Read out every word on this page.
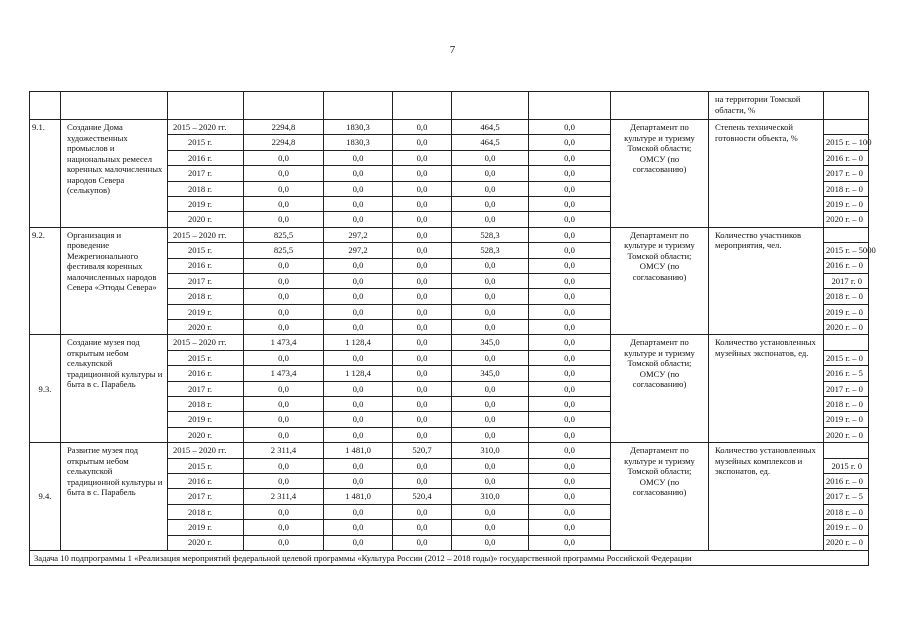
7
									на территории Томской области, %	
9.1.	Создание Дома художественных промыслов и национальных ремесел коренных малочисленных народов Севера (селькупов)	2015 – 2020 гг.	2294,8	1830,3	0,0	464,5	0,0	Департамент по культуре и туризму Томской области; ОМСУ (по согласованию)	Степень технической готовности объекта, %	
		2015 г.	2294,8	1830,3	0,0	464,5	0,0			2015 г. – 100
		2016 г.	0,0	0,0	0,0	0,0	0,0			2016 г. – 0
		2017 г.	0,0	0,0	0,0	0,0	0,0			2017 г. – 0
		2018 г.	0,0	0,0	0,0	0,0	0,0			2018 г. – 0
		2019 г.	0,0	0,0	0,0	0,0	0,0			2019 г. – 0
		2020 г.	0,0	0,0	0,0	0,0	0,0			2020 г. – 0
9.2.	Организация и проведение Межрегионального фестиваля коренных малочисленных народов Севера «Этюды Севера»	2015 – 2020 гг.	825,5	297,2	0,0	528,3	0,0	Департамент по культуре и туризму Томской области; ОМСУ (по согласованию)	Количество участников мероприятия, чел.	
		2015 г.	825,5	297,2	0,0	528,3	0,0			2015 г. – 5000
		2016 г.	0,0	0,0	0,0	0,0	0,0			2016 г. – 0
		2017 г.	0,0	0,0	0,0	0,0	0,0			2017 г. 0
		2018 г.	0,0	0,0	0,0	0,0	0,0			2018 г. – 0
		2019 г.	0,0	0,0	0,0	0,0	0,0			2019 г. – 0
		2020 г.	0,0	0,0	0,0	0,0	0,0			2020 г. – 0
9.3.	Создание музея под открытым небом селькупской традиционной культуры и быта в с. Парабель	2015 – 2020 гг.	1 473,4	1 128,4	0,0	345,0	0,0	Департамент по культуре и туризму Томской области; ОМСУ (по согласованию)	Количество установленных музейных экспонатов, ед.	
		2015 г.	0,0	0,0	0,0	0,0	0,0			2015 г. – 0
		2016 г.	1 473,4	1 128,4	0,0	345,0	0,0			2016 г. – 5
		2017 г.	0,0	0,0	0,0	0,0	0,0			2017 г. – 0
		2018 г.	0,0	0,0	0,0	0,0	0,0			2018 г. – 0
		2019 г.	0,0	0,0	0,0	0,0	0,0			2019 г. – 0
		2020 г.	0,0	0,0	0,0	0,0	0,0			2020 г. – 0
9.4.	Развитие музея под открытым небом селькупской традиционной культуры и быта в с. Парабель	2015 – 2020 гг.	2 311,4	1 481,0	520,7	310,0	0,0	Департамент по культуре и туризму Томской области; ОМСУ (по согласованию)	Количество установленных музейных комплексов и экспонатов, ед.	
		2015 г.	0,0	0,0	0,0	0,0	0,0			2015 г. 0
		2016 г.	0,0	0,0	0,0	0,0	0,0			2016 г. – 0
		2017 г.	2 311,4	1 481,0	520,4	310,0	0,0			2017 г. – 5
		2018 г.	0,0	0,0	0,0	0,0	0,0			2018 г. – 0
		2019 г.	0,0	0,0	0,0	0,0	0,0			2019 г. – 0
		2020 г.	0,0	0,0	0,0	0,0	0,0			2020 г. – 0
Задача 10 подпрограммы 1 «Реализация мероприятий федеральной целевой программы «Культура России (2012 – 2018 годы)» государственной программы Российской Федерации										
